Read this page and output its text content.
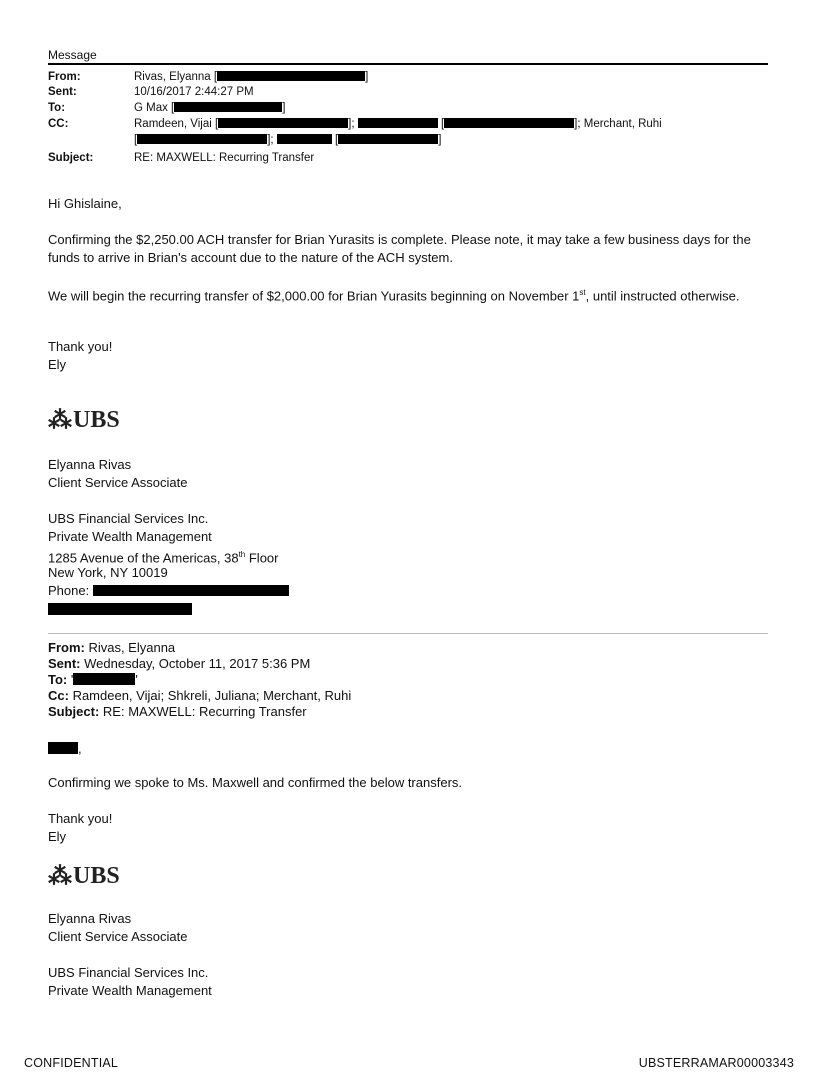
Message
From:	Rivas, Elyanna [	]
Sent:	10/16/2017 2:44:27 PM
To:	G Max [	]
CC:	Ramdeen, Vijai [	];	[	]; Merchant, Ruhi
[	];	[	]
Subject:	RE: MAXWELL: Recurring Transfer
Hi Ghislaine,
Confirming the $2,250.00 ACH transfer for Brian Yurasits is complete. Please note, it may take a few business days for the funds to arrive in Brian's account due to the nature of the ACH system.
We will begin the recurring transfer of $2,000.00 for Brian Yurasits beginning on November 1st, until instructed otherwise.
Thank you!
Ely
⁂ UBS
Elyanna Rivas
Client Service Associate
UBS Financial Services Inc.
Private Wealth Management
1285 Avenue of the Americas, 38th Floor
New York, NY 10019
Phone:
From: Rivas, Elyanna
Sent: Wednesday, October 11, 2017 5:36 PM
To: '	'
Cc: Ramdeen, Vijai; Shkreli, Juliana; Merchant, Ruhi
Subject: RE: MAXWELL: Recurring Transfer
,
Confirming we spoke to Ms. Maxwell and confirmed the below transfers.
Thank you!
Ely
⁂ UBS
Elyanna Rivas
Client Service Associate
UBS Financial Services Inc.
Private Wealth Management
CONFIDENTIAL	UBSTERRAMAR00003343
